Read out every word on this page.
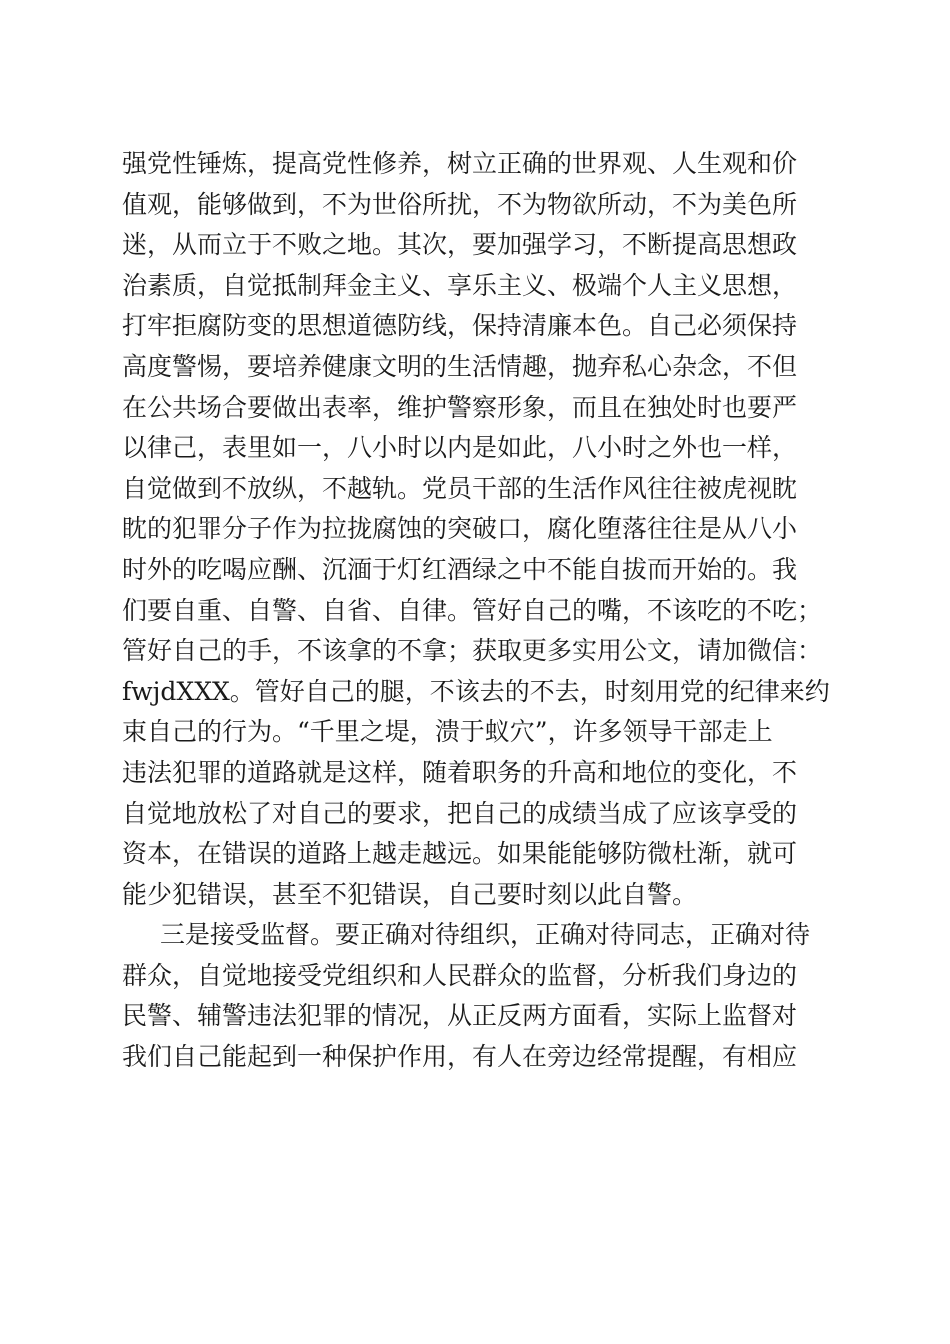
强党性锤炼，提高党性修养，树立正确的世界观、人生观和价
值观，能够做到，不为世俗所扰，不为物欲所动，不为美色所
迷，从而立于不败之地。其次，要加强学习，不断提高思想政
治素质，自觉抵制拜金主义、享乐主义、极端个人主义思想，
打牢拒腐防变的思想道德防线，保持清廉本色。自己必须保持
高度警惕，要培养健康文明的生活情趣，抛弃私心杂念，不但
在公共场合要做出表率，维护警察形象，而且在独处时也要严
以律己，表里如一，八小时以内是如此，八小时之外也一样，
自觉做到不放纵，不越轨。党员干部的生活作风往往被虎视眈
眈的犯罪分子作为拉拢腐蚀的突破口，腐化堕落往往是从八小
时外的吃喝应酬、沉湎于灯红酒绿之中不能自拔而开始的。我
们要自重、自警、自省、自律。管好自己的嘴，不该吃的不吃；
管好自己的手，不该拿的不拿；获取更多实用公文，请加微信：
fwjdXXX。管好自己的腿，不该去的不去，时刻用党的纪律来约
束自己的行为。“千里之堤，溃于蚁穴”，许多领导干部走上
违法犯罪的道路就是这样，随着职务的升高和地位的变化，不
自觉地放松了对自己的要求，把自己的成绩当成了应该享受的
资本，在错误的道路上越走越远。如果能能够防微杜渐，就可
能少犯错误，甚至不犯错误，自己要时刻以此自警。
三是接受监督。要正确对待组织，正确对待同志，正确对待
群众，自觉地接受党组织和人民群众的监督，分析我们身边的
民警、辅警违法犯罪的情况，从正反两方面看，实际上监督对
我们自己能起到一种保护作用，有人在旁边经常提醒，有相应
